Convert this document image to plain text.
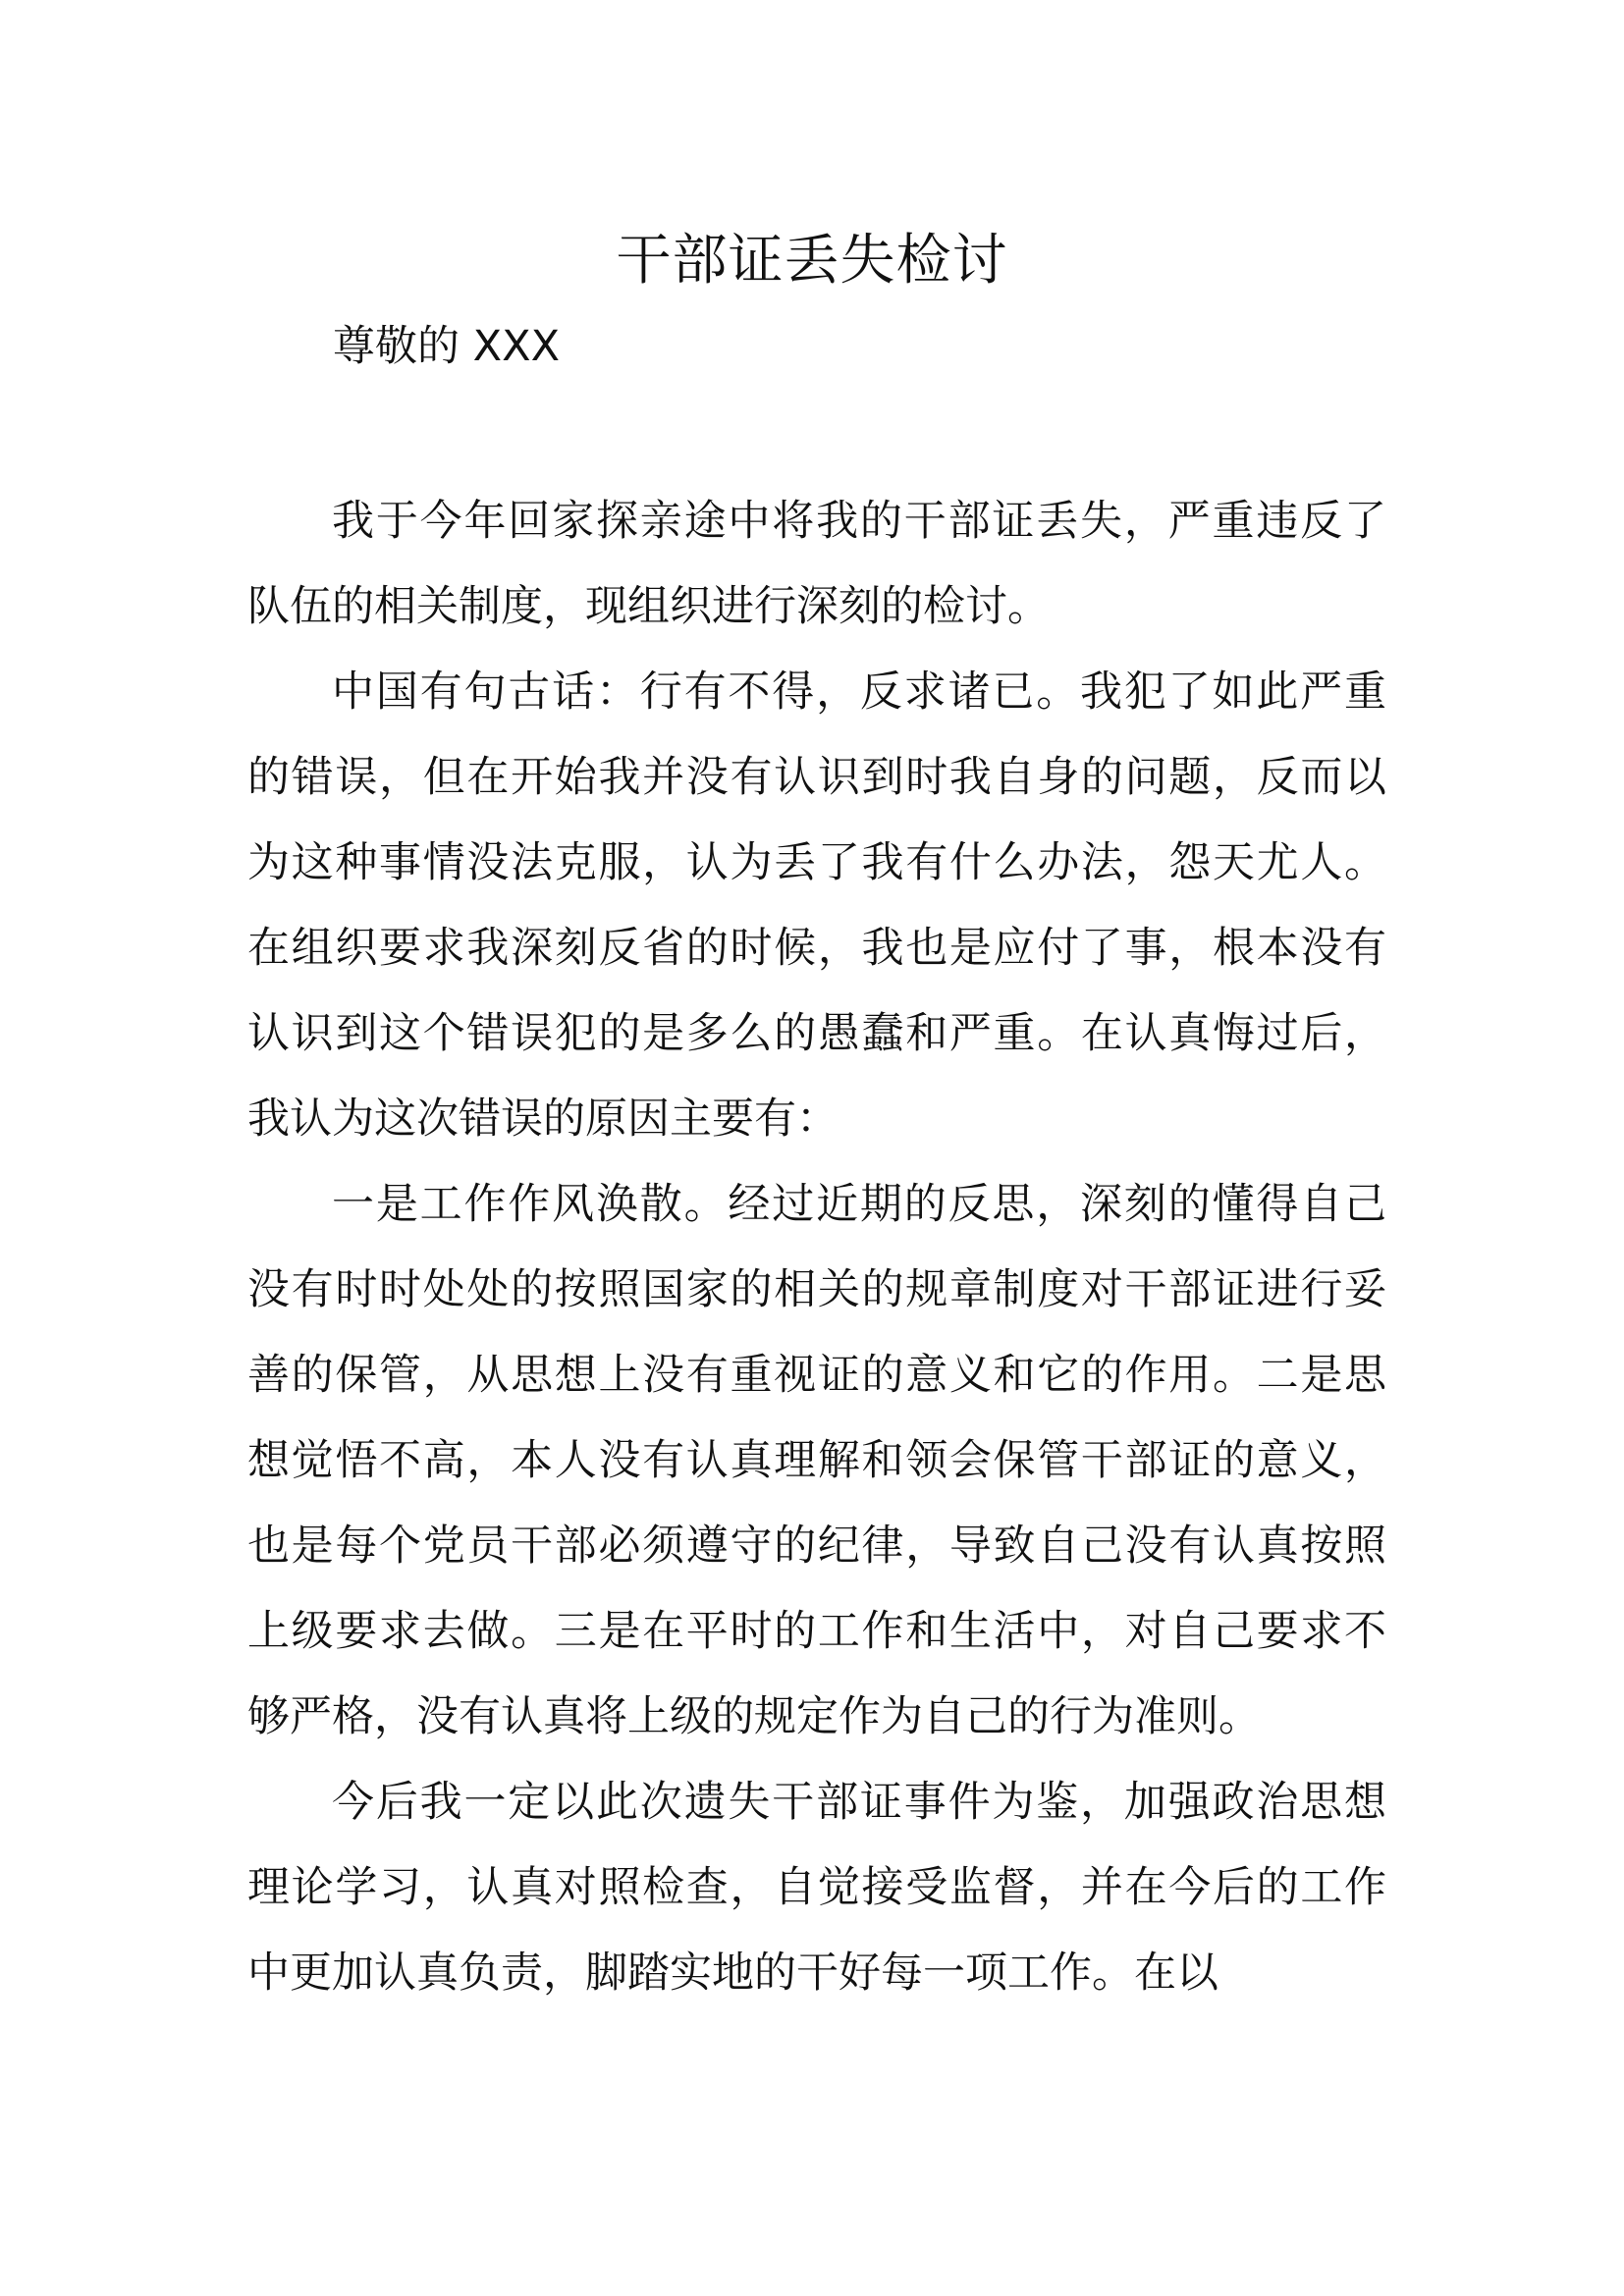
干部证丢失检讨

尊敬的 XXX

我于今年回家探亲途中将我的干部证丢失，严重违反了队伍的相关制度，现组织进行深刻的检讨。

中国有句古话：行有不得，反求诸已。我犯了如此严重的错误，但在开始我并没有认识到时我自身的问题，反而以为这种事情没法克服，认为丢了我有什么办法，怨天尤人。在组织要求我深刻反省的时候，我也是应付了事，根本没有认识到这个错误犯的是多么的愚蠢和严重。在认真悔过后，我认为这次错误的原因主要有：

一是工作作风涣散。经过近期的反思，深刻的懂得自己没有时时处处的按照国家的相关的规章制度对干部证进行妥善的保管，从思想上没有重视证的意义和它的作用。二是思想觉悟不高，本人没有认真理解和领会保管干部证的意义，也是每个党员干部必须遵守的纪律，导致自己没有认真按照上级要求去做。三是在平时的工作和生活中，对自己要求不够严格，没有认真将上级的规定作为自己的行为准则。

今后我一定以此次遗失干部证事件为鉴，加强政治思想理论学习，认真对照检查，自觉接受监督，并在今后的工作中更加认真负责，脚踏实地的干好每一项工作。在以
